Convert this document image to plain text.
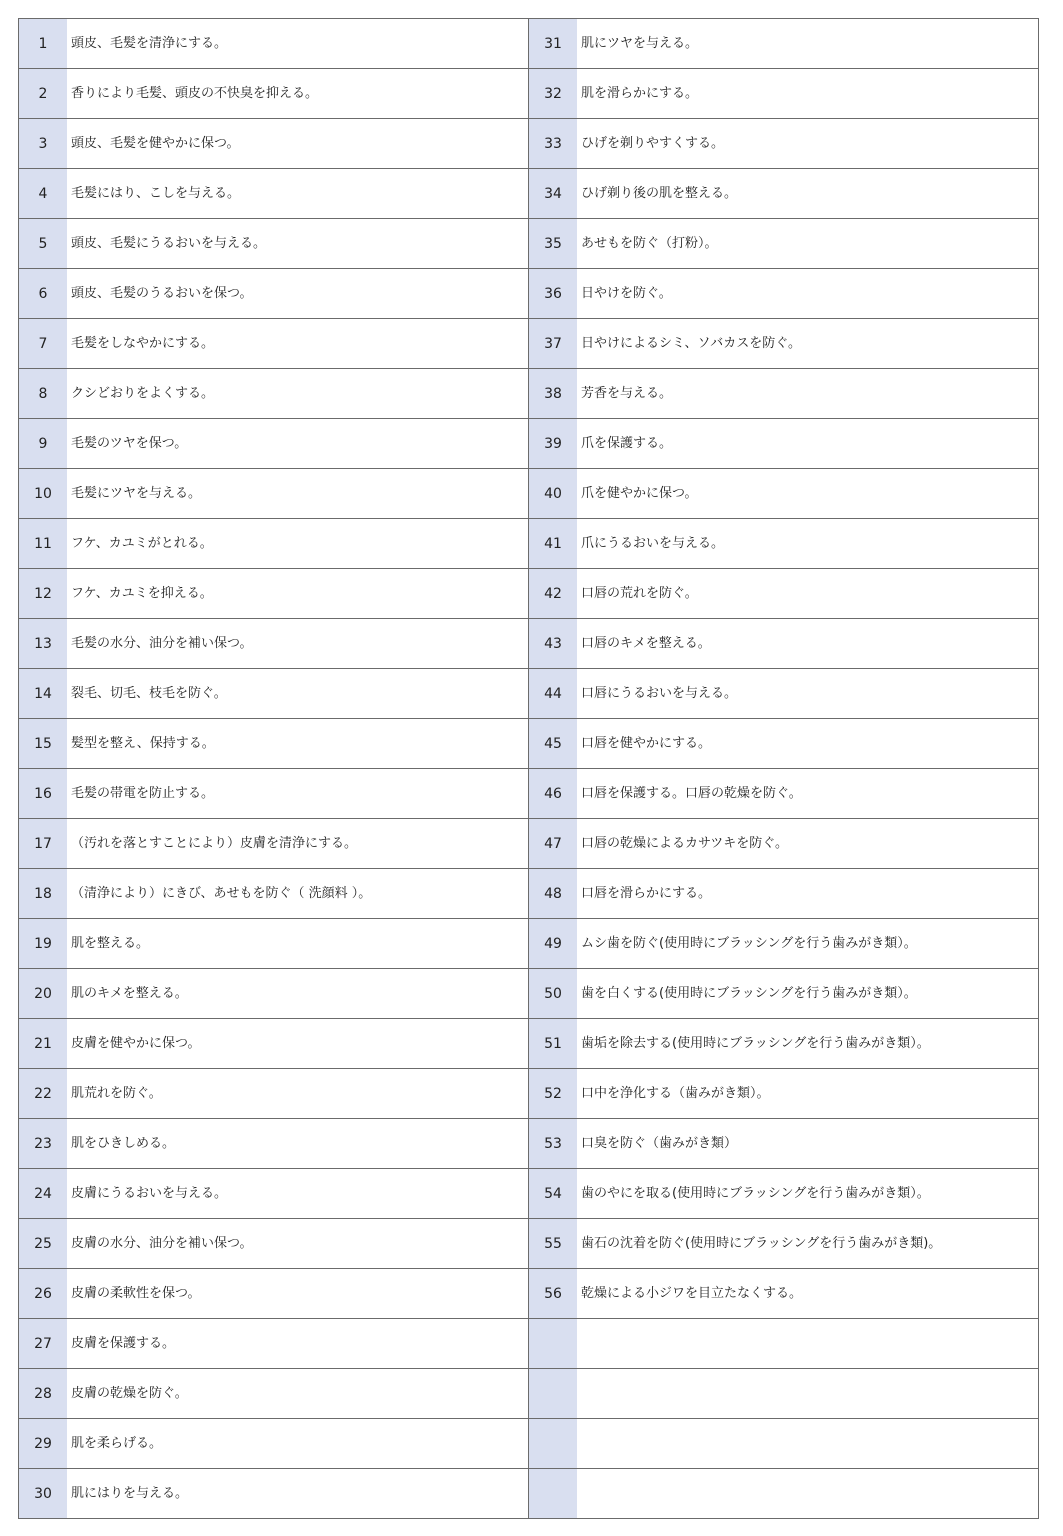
1	頭皮、毛髪を清浄にする。	31	肌にツヤを与える。
2	香りにより毛髪、頭皮の不快臭を抑える。	32	肌を滑らかにする。
3	頭皮、毛髪を健やかに保つ。	33	ひげを剃りやすくする。
4	毛髪にはり、こしを与える。	34	ひげ剃り後の肌を整える。
5	頭皮、毛髪にうるおいを与える。	35	あせもを防ぐ（打粉）。
6	頭皮、毛髪のうるおいを保つ。	36	日やけを防ぐ。
7	毛髪をしなやかにする。	37	日やけによるシミ、ソバカスを防ぐ。
8	クシどおりをよくする。	38	芳香を与える。
9	毛髪のツヤを保つ。	39	爪を保護する。
10	毛髪にツヤを与える。	40	爪を健やかに保つ。
11	フケ、カユミがとれる。	41	爪にうるおいを与える。
12	フケ、カユミを抑える。	42	口唇の荒れを防ぐ。
13	毛髪の水分、油分を補い保つ。	43	口唇のキメを整える。
14	裂毛、切毛、枝毛を防ぐ。	44	口唇にうるおいを与える。
15	髪型を整え、保持する。	45	口唇を健やかにする。
16	毛髪の帯電を防止する。	46	口唇を保護する。口唇の乾燥を防ぐ。
17	（汚れを落とすことにより）皮膚を清浄にする。	47	口唇の乾燥によるカサツキを防ぐ。
18	（清浄により）にきび、あせもを防ぐ（ 洗顔料 ）。	48	口唇を滑らかにする。
19	肌を整える。	49	ムシ歯を防ぐ(使用時にブラッシングを行う歯みがき類）。
20	肌のキメを整える。	50	歯を白くする(使用時にブラッシングを行う歯みがき類）。
21	皮膚を健やかに保つ。	51	歯垢を除去する(使用時にブラッシングを行う歯みがき類）。
22	肌荒れを防ぐ。	52	口中を浄化する（歯みがき類）。
23	肌をひきしめる。	53	口臭を防ぐ（歯みがき類）
24	皮膚にうるおいを与える。	54	歯のやにを取る(使用時にブラッシングを行う歯みがき類）。
25	皮膚の水分、油分を補い保つ。	55	歯石の沈着を防ぐ(使用時にブラッシングを行う歯みがき類)。
26	皮膚の柔軟性を保つ。	56	乾燥による小ジワを目立たなくする。
27	皮膚を保護する。		
28	皮膚の乾燥を防ぐ。		
29	肌を柔らげる。		
30	肌にはりを与える。		
